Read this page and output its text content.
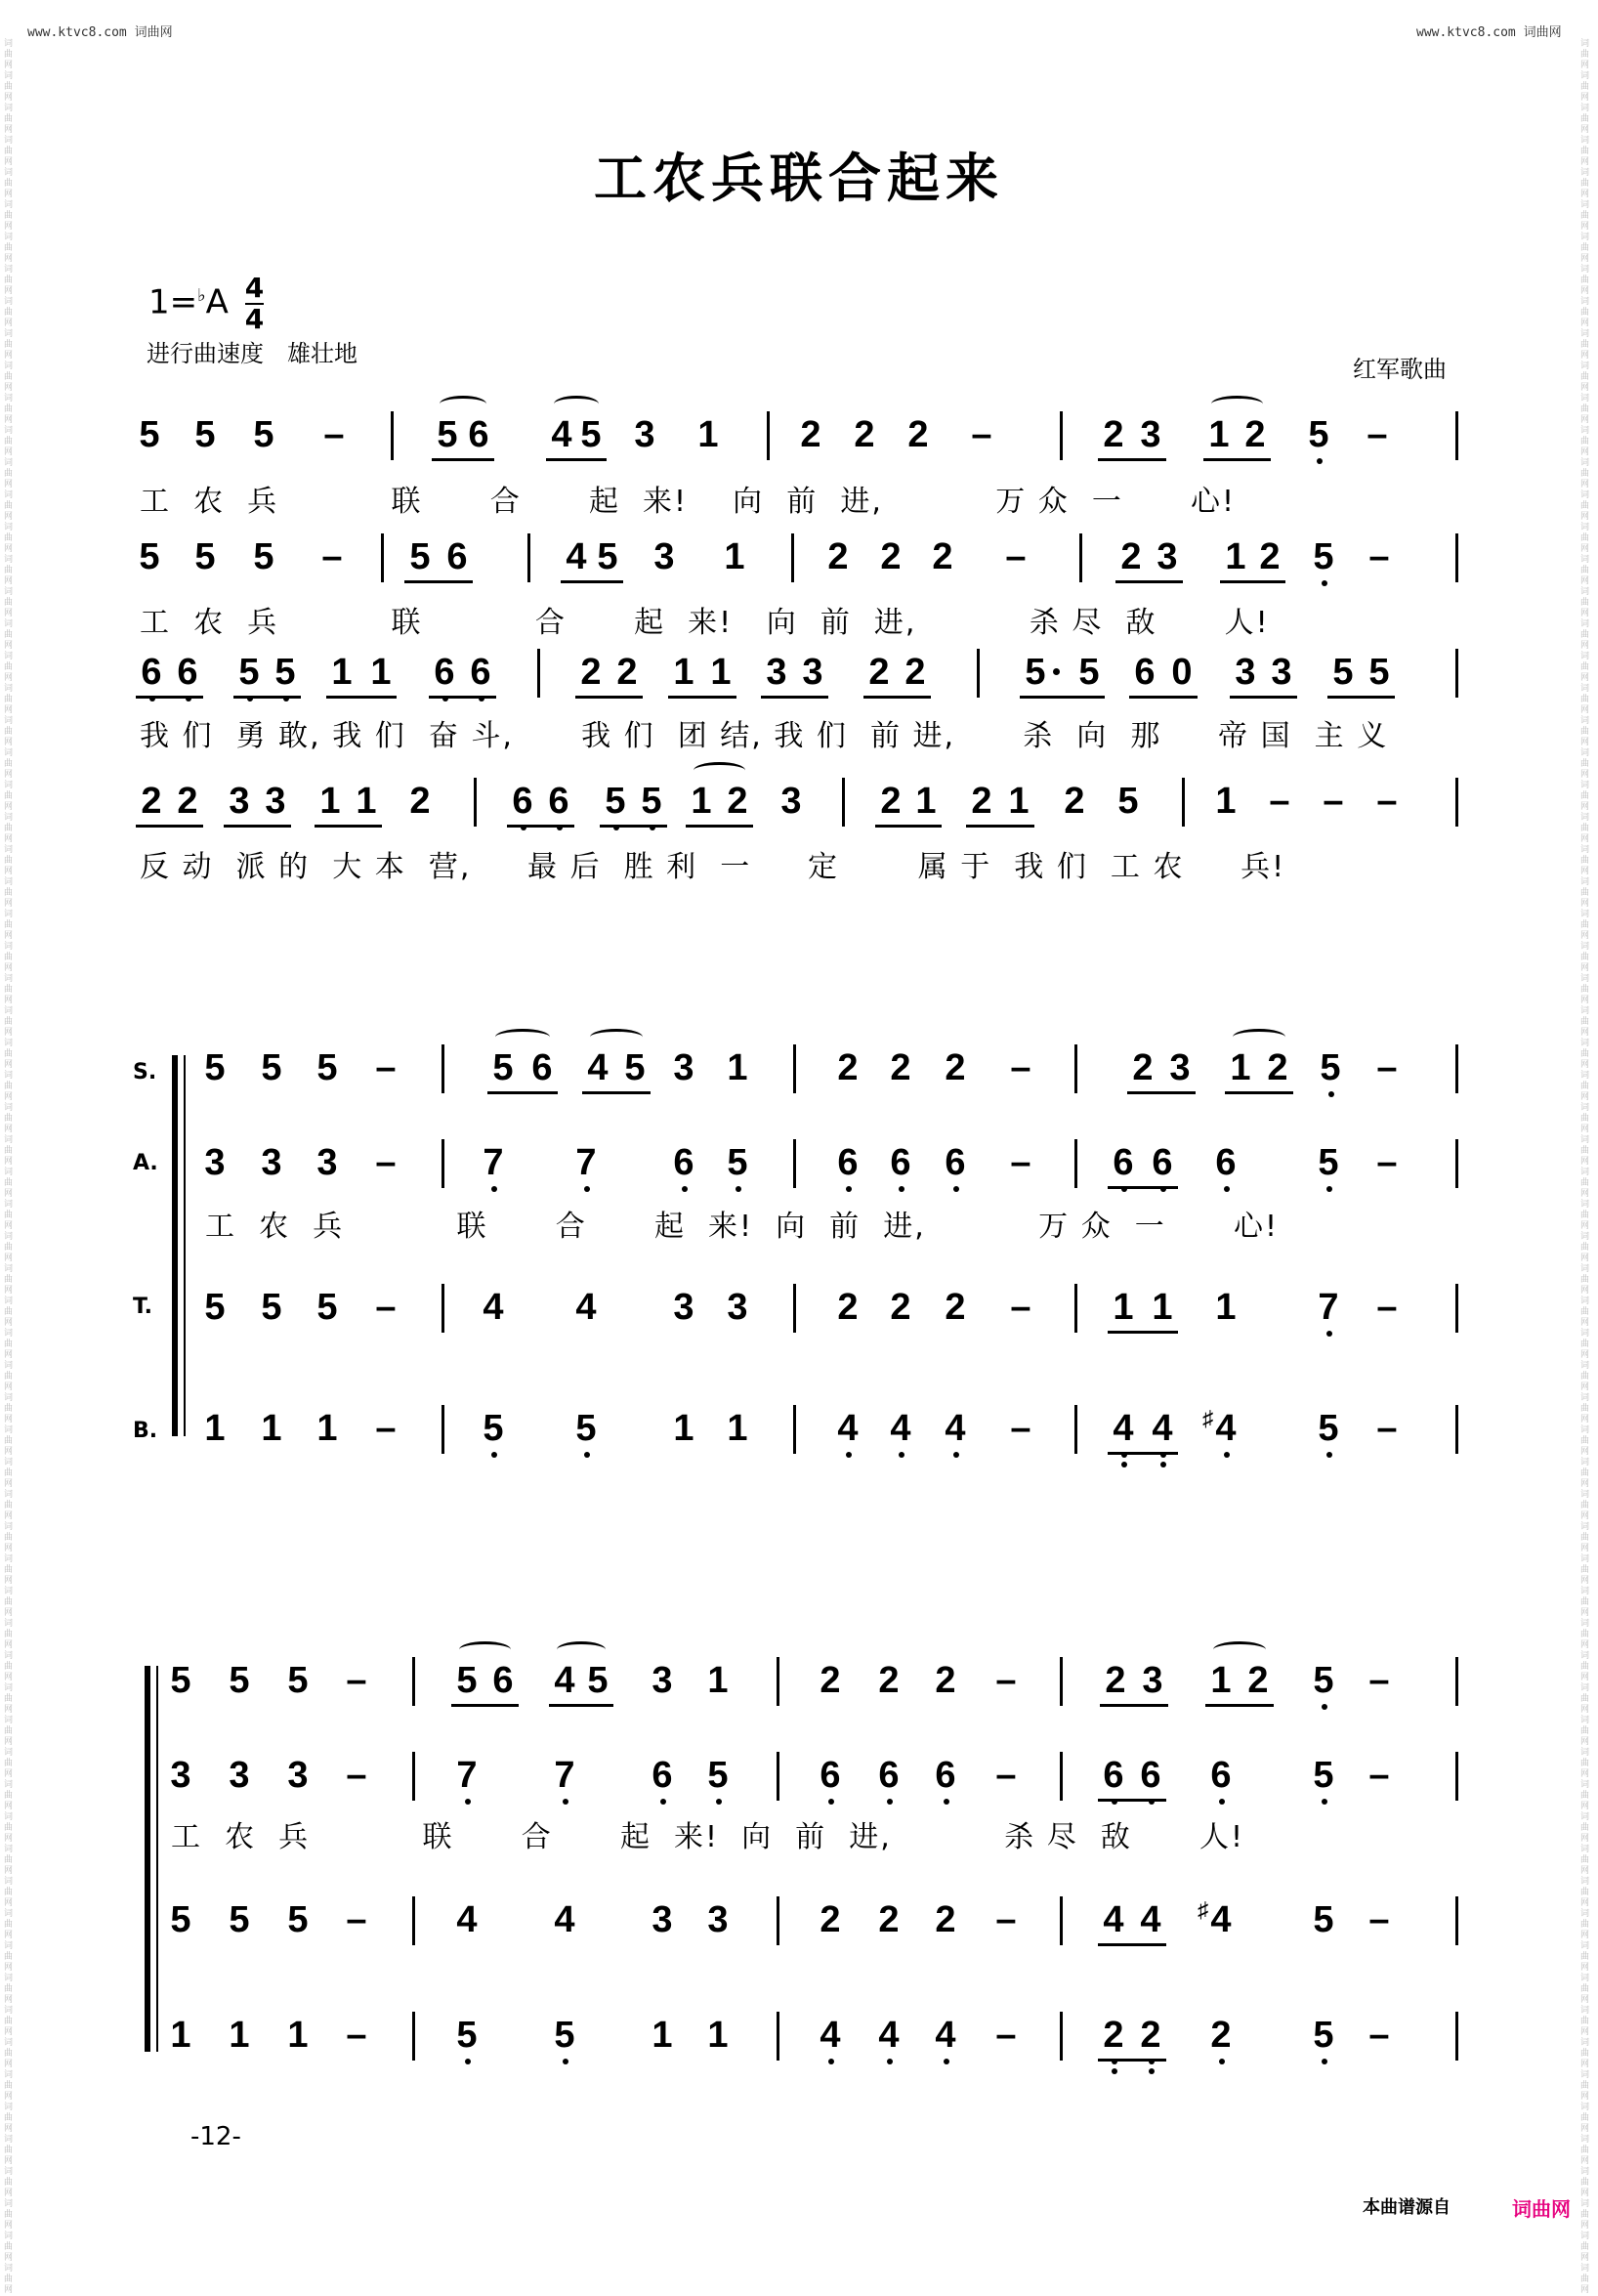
www.ktvc8.com 词曲网	www.ktvc8.com 词曲网
词曲网 词曲网 词曲网 词曲网 词曲网 词曲网 词曲网 词曲网 词曲网 词曲网 词曲网 词曲网 词曲网 词曲网 词曲网 词曲网 词曲网 词曲网 词曲网 词曲网 词曲网 词曲网 词曲网 词曲网 词曲网 词曲网 词曲网 词曲网 词曲网 词曲网 词曲网 词曲网 词曲网 词曲网 词曲网 词曲网 词曲网 词曲网 词曲网 词曲网 词曲网 词曲网 词曲网 词曲网 词曲网 词曲网 词曲网 词曲网 词曲网 词曲网 词曲网 词曲网 词曲网 词曲网 词曲网 词曲网 词曲网 词曲网 词曲网 词曲网 词曲网 词曲网 词曲网 词曲网 词曲网 词曲网 词曲网 词曲网 词曲网 词曲网
词曲网 词曲网 词曲网 词曲网 词曲网 词曲网 词曲网 词曲网 词曲网 词曲网 词曲网 词曲网 词曲网 词曲网 词曲网 词曲网 词曲网 词曲网 词曲网 词曲网 词曲网 词曲网 词曲网 词曲网 词曲网 词曲网 词曲网 词曲网 词曲网 词曲网 词曲网 词曲网 词曲网 词曲网 词曲网 词曲网 词曲网 词曲网 词曲网 词曲网 词曲网 词曲网 词曲网 词曲网 词曲网 词曲网 词曲网 词曲网 词曲网 词曲网 词曲网 词曲网 词曲网 词曲网 词曲网 词曲网 词曲网 词曲网 词曲网 词曲网 词曲网 词曲网 词曲网 词曲网 词曲网 词曲网 词曲网 词曲网 词曲网 词曲网
工农兵联合起来
$1=^♭A \frac{4}{4}$
进行曲速度　雄壮地
红军歌曲
5 5 5 – 5 6 4 5 3 1 2 2 2 –	2 3 1 2 5 –
5 5 5 – 5 6	4 5 3 1 2 2 2 –	2 3 1 2 5 –
6 6 5 5 1 1 6 6 2 2 1 1 3 3 2 2	5 5 6 0 3 3 5 5
2 2 3 3 1 1 2 6 6 5 5 1 2 3 2 1 2 1 2 5 1 – – –
5 5 5 –	5 6 4 5 3 1 2 2 2 –	2 3 1 2 5 –
3 3 3 – 7 7 6 5 6 6 6 – 6 6 6 5 –
5 5 5 – 4 4 3 3 2 2 2 – 1 1 1 7 –
1 1 1 – 5 5 1 1 4 4 4 – 4 4 4
♯	5 –
5 5 5 – 5 6 4 5 3 1 2 2 2 – 2 3 1 2 5 –
3 3 3 – 7 7 6 5 6 6 6 – 6 6 6 5 –
5 5 5 – 4 4 3 3 2 2 2 – 4 4 4
♯	5 –
1 1 1 – 5 5 1 1 4 4 4 – 2 2 2 5 –
工  农  兵          联      合      起  来!    向  前  进,          万 众  一      心!
工  农  兵          联          合      起  来!   向  前  进,          杀 尽  敌      人!
我 们  勇 敢, 我 们  奋 斗,      我 们  团 结, 我 们  前 进,      杀  向  那     帝 国  主 义
反 动  派 的  大 本  营,     最 后  胜 利  一     定       属 于  我 们  工 农     兵!
工  农  兵          联      合      起  来!  向  前  进,          万 众  一      心!
工  农  兵          联      合      起  来!  向  前  进,          杀 尽  敌      人!
S.
A.
T.
B.
-12-
本曲谱源自	词曲网
